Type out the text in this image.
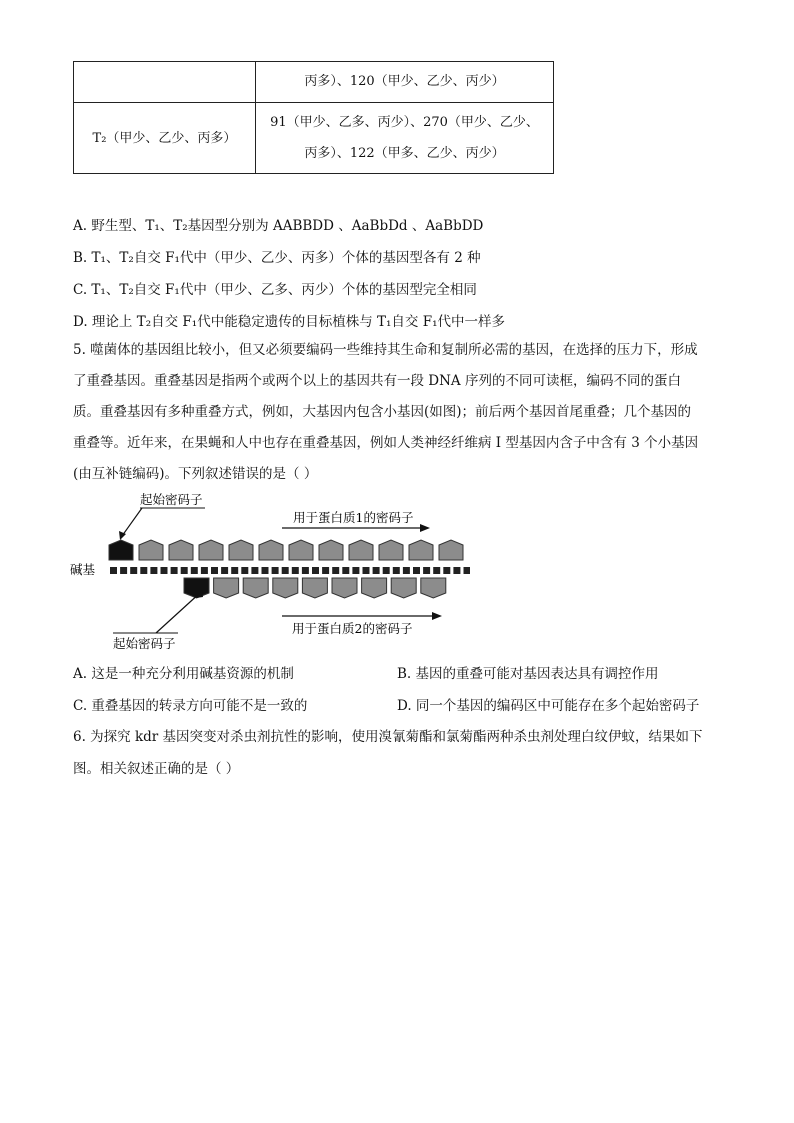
	丙多）、120（甲少、乙少、丙少）
T₂（甲少、乙少、丙多）	91（甲少、乙多、丙少）、270（甲少、乙少、
丙多）、122（甲多、乙少、丙少）
A. 野生型、T₁、T₂基因型分别为 AABBDD 、AaBbDd 、AaBbDD
B. T₁、T₂自交 F₁代中（甲少、乙少、丙多）个体的基因型各有 2 种
C. T₁、T₂自交 F₁代中（甲少、乙多、丙少）个体的基因型完全相同
D. 理论上 T₂自交 F₁代中能稳定遗传的目标植株与 T₁自交 F₁代中一样多

5. 噬菌体的基因组比较小，但又必须要编码一些维持其生命和复制所必需的基因，在选择的压力下，形成

了重叠基因。重叠基因是指两个或两个以上的基因共有一段 DNA 序列的不同可读框，编码不同的蛋白

质。重叠基因有多种重叠方式，例如，大基因内包含小基因(如图)；前后两个基因首尾重叠；几个基因的

重叠等。近年来，在果蝇和人中也存在重叠基因，例如人类神经纤维病 I 型基因内含子中含有 3 个小基因

(由互补链编码)。下列叙述错误的是（ ）

起始密码子
用于蛋白质1的密码子
碱基
用于蛋白质2的密码子
起始密码子
A. 这是一种充分利用碱基资源的机制	B. 基因的重叠可能对基因表达具有调控作用
C. 重叠基因的转录方向可能不是一致的	D. 同一个基因的编码区中可能存在多个起始密码子
6. 为探究 kdr 基因突变对杀虫剂抗性的影响，使用溴氰菊酯和氯菊酯两种杀虫剂处理白纹伊蚊，结果如下
图。相关叙述正确的是（ ）
